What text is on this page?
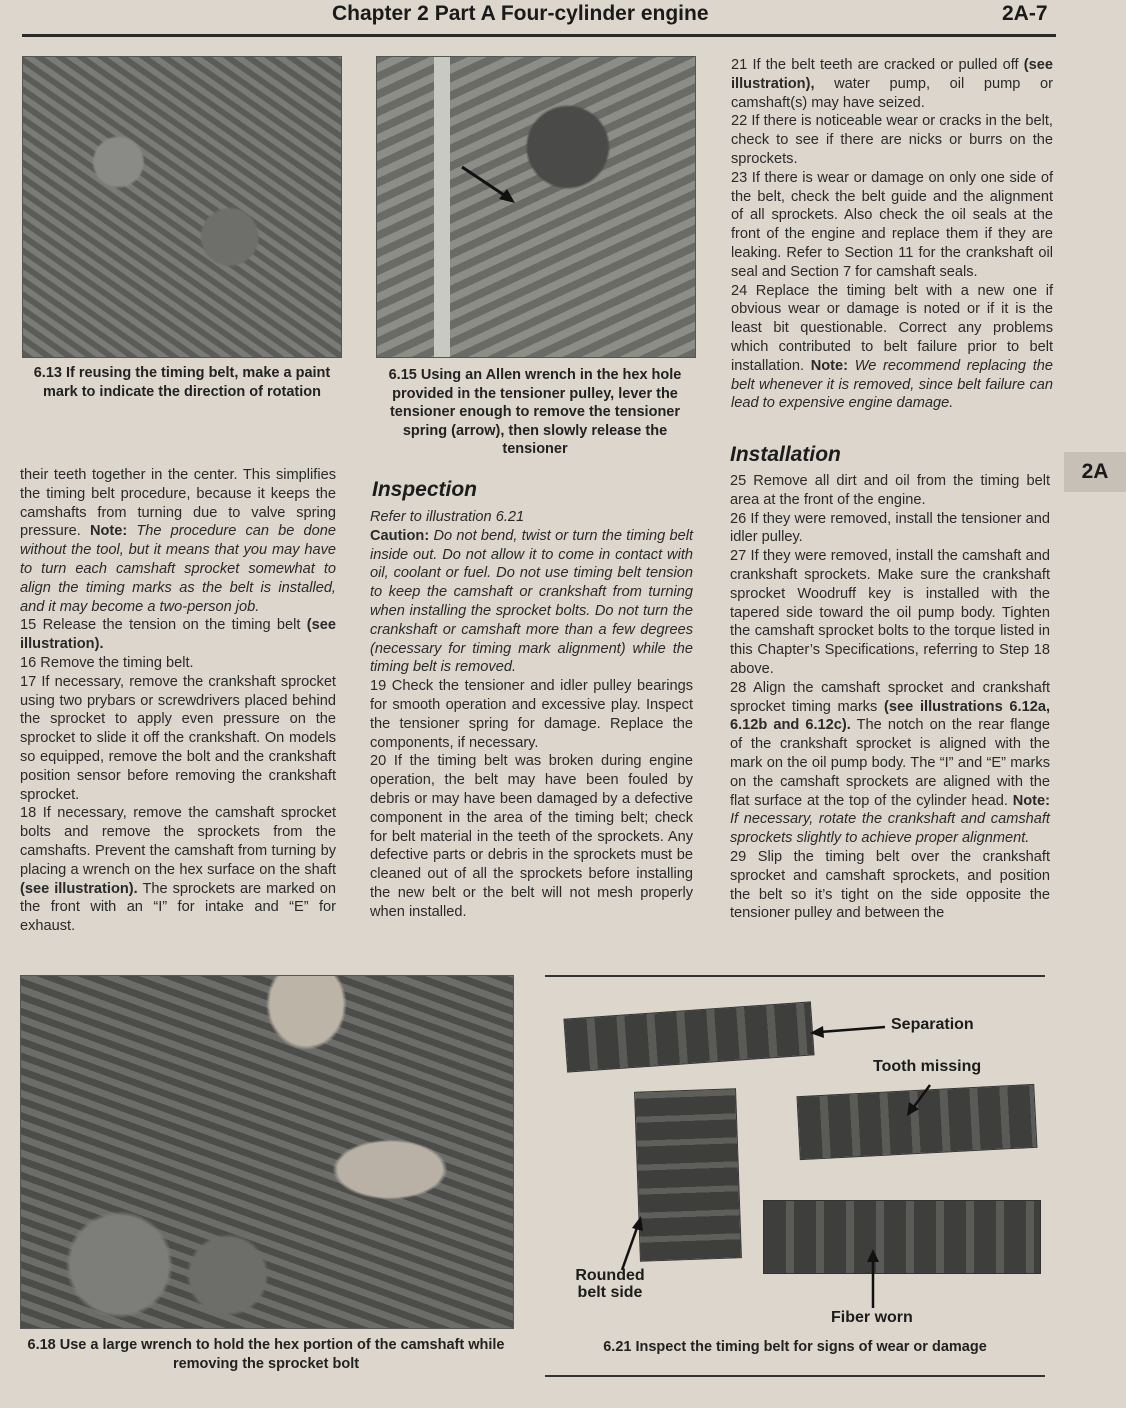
Chapter 2 Part A Four-cylinder engine	2A-7
6.13 If reusing the timing belt, make a paint mark to indicate the direction of rotation
6.15 Using an Allen wrench in the hex hole provided in the tensioner pulley, lever the tensioner enough to remove the tensioner spring (arrow), then slowly release the tensioner

their teeth together in the center. This simplifies the timing belt procedure, because it keeps the camshafts from turning due to valve spring pressure. Note: The procedure can be done without the tool, but it means that you may have to turn each camshaft sprocket somewhat to align the timing marks as the belt is installed, and it may become a two-person job.

15 Release the tension on the timing belt (see illustration).

16 Remove the timing belt.

17 If necessary, remove the crankshaft sprocket using two prybars or screwdrivers placed behind the sprocket to apply even pressure on the sprocket to slide it off the crankshaft. On models so equipped, remove the bolt and the crankshaft position sensor before removing the crankshaft sprocket.

18 If necessary, remove the camshaft sprocket bolts and remove the sprockets from the camshafts. Prevent the camshaft from turning by placing a wrench on the hex surface on the shaft (see illustration). The sprockets are marked on the front with an “I” for intake and “E” for exhaust.

Inspection

Refer to illustration 6.21

Caution: Do not bend, twist or turn the timing belt inside out. Do not allow it to come in contact with oil, coolant or fuel. Do not use timing belt tension to keep the camshaft or crankshaft from turning when installing the sprocket bolts. Do not turn the crankshaft or camshaft more than a few degrees (necessary for timing mark alignment) while the timing belt is removed.

19 Check the tensioner and idler pulley bearings for smooth operation and excessive play. Inspect the tensioner spring for damage. Replace the components, if necessary.

20 If the timing belt was broken during engine operation, the belt may have been fouled by debris or may have been damaged by a defective component in the area of the timing belt; check for belt material in the teeth of the sprockets. Any defective parts or debris in the sprockets must be cleaned out of all the sprockets before installing the new belt or the belt will not mesh properly when installed.

21 If the belt teeth are cracked or pulled off (see illustration), water pump, oil pump or camshaft(s) may have seized.

22 If there is noticeable wear or cracks in the belt, check to see if there are nicks or burrs on the sprockets.

23 If there is wear or damage on only one side of the belt, check the belt guide and the alignment of all sprockets. Also check the oil seals at the front of the engine and replace them if they are leaking. Refer to Section 11 for the crankshaft oil seal and Section 7 for camshaft seals.

24 Replace the timing belt with a new one if obvious wear or damage is noted or if it is the least bit questionable. Correct any problems which contributed to belt failure prior to belt installation. Note: We recommend replacing the belt whenever it is removed, since belt failure can lead to expensive engine damage.

Installation

25 Remove all dirt and oil from the timing belt area at the front of the engine.

26 If they were removed, install the tensioner and idler pulley.

27 If they were removed, install the camshaft and crankshaft sprockets. Make sure the crankshaft sprocket Woodruff key is installed with the tapered side toward the oil pump body. Tighten the camshaft sprocket bolts to the torque listed in this Chapter’s Specifications, referring to Step 18 above.

28 Align the camshaft sprocket and crankshaft sprocket timing marks (see illustrations 6.12a, 6.12b and 6.12c). The notch on the rear flange of the crankshaft sprocket is aligned with the mark on the oil pump body. The “I” and “E” marks on the camshaft sprockets are aligned with the flat surface at the top of the cylinder head. Note: If necessary, rotate the crankshaft and camshaft sprockets slightly to achieve proper alignment.

29 Slip the timing belt over the crankshaft sprocket and camshaft sprockets, and position the belt so it’s tight on the side opposite the tensioner pulley and between the

2A
6.18 Use a large wrench to hold the hex portion of the camshaft while removing the sprocket bolt
Separation
Tooth missing
Rounded belt side
Fiber worn
6.21 Inspect the timing belt for signs of wear or damage
